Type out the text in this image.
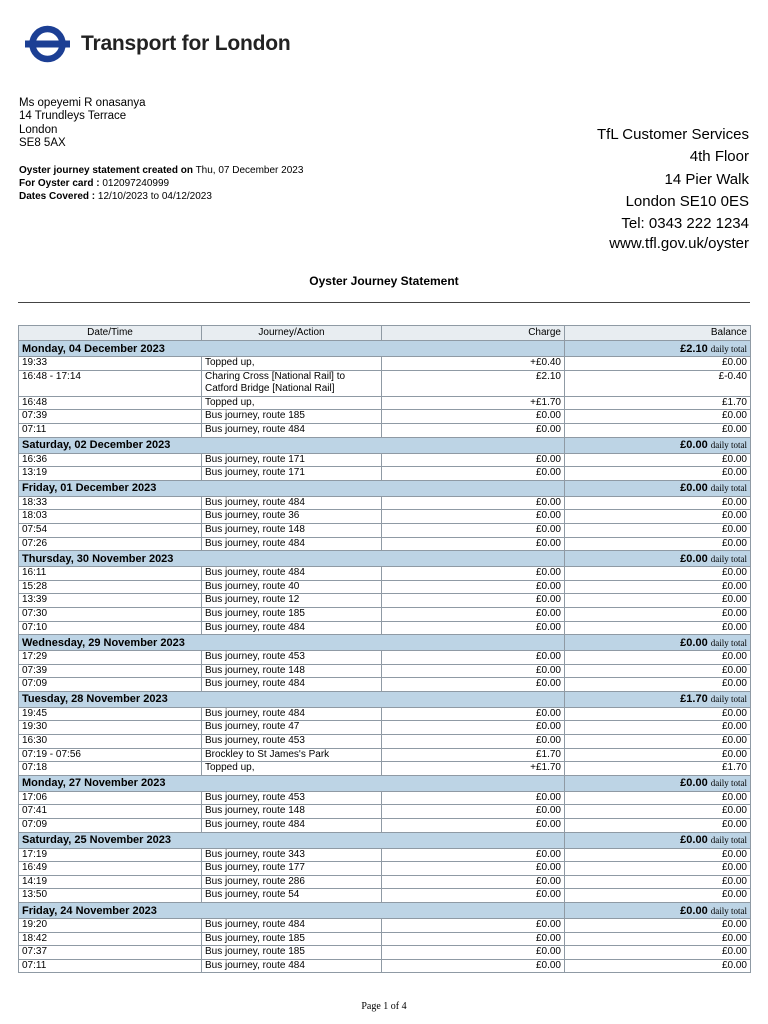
Transport for London
Ms opeyemi R onasanya
14 Trundleys Terrace
London
SE8 5AX
Oyster journey statement created on Thu, 07 December 2023
For Oyster card : 012097240999
Dates Covered : 12/10/2023 to 04/12/2023
TfL Customer Services
4th Floor
14 Pier Walk
London SE10 0ES
Tel: 0343 222 1234
www.tfl.gov.uk/oyster
Oyster Journey Statement
Date/Time	Journey/Action	Charge	Balance
Monday, 04 December 2023			£2.10 daily total
19:33	Topped up,	+£0.40	£0.00
16:48 - 17:14	Charing Cross [National Rail] to Catford Bridge [National Rail]	£2.10	£-0.40
16:48	Topped up,	+£1.70	£1.70
07:39	Bus journey, route 185	£0.00	£0.00
07:11	Bus journey, route 484	£0.00	£0.00
Saturday, 02 December 2023			£0.00 daily total
16:36	Bus journey, route 171	£0.00	£0.00
13:19	Bus journey, route 171	£0.00	£0.00
Friday, 01 December 2023			£0.00 daily total
18:33	Bus journey, route 484	£0.00	£0.00
18:03	Bus journey, route 36	£0.00	£0.00
07:54	Bus journey, route 148	£0.00	£0.00
07:26	Bus journey, route 484	£0.00	£0.00
Thursday, 30 November 2023			£0.00 daily total
16:11	Bus journey, route 484	£0.00	£0.00
15:28	Bus journey, route 40	£0.00	£0.00
13:39	Bus journey, route 12	£0.00	£0.00
07:30	Bus journey, route 185	£0.00	£0.00
07:10	Bus journey, route 484	£0.00	£0.00
Wednesday, 29 November 2023			£0.00 daily total
17:29	Bus journey, route 453	£0.00	£0.00
07:39	Bus journey, route 148	£0.00	£0.00
07:09	Bus journey, route 484	£0.00	£0.00
Tuesday, 28 November 2023			£1.70 daily total
19:45	Bus journey, route 484	£0.00	£0.00
19:30	Bus journey, route 47	£0.00	£0.00
16:30	Bus journey, route 453	£0.00	£0.00
07:19 - 07:56	Brockley to St James's Park	£1.70	£0.00
07:18	Topped up,	+£1.70	£1.70
Monday, 27 November 2023			£0.00 daily total
17:06	Bus journey, route 453	£0.00	£0.00
07:41	Bus journey, route 148	£0.00	£0.00
07:09	Bus journey, route 484	£0.00	£0.00
Saturday, 25 November 2023			£0.00 daily total
17:19	Bus journey, route 343	£0.00	£0.00
16:49	Bus journey, route 177	£0.00	£0.00
14:19	Bus journey, route 286	£0.00	£0.00
13:50	Bus journey, route 54	£0.00	£0.00
Friday, 24 November 2023			£0.00 daily total
19:20	Bus journey, route 484	£0.00	£0.00
18:42	Bus journey, route 185	£0.00	£0.00
07:37	Bus journey, route 185	£0.00	£0.00
07:11	Bus journey, route 484	£0.00	£0.00
Page 1 of 4
